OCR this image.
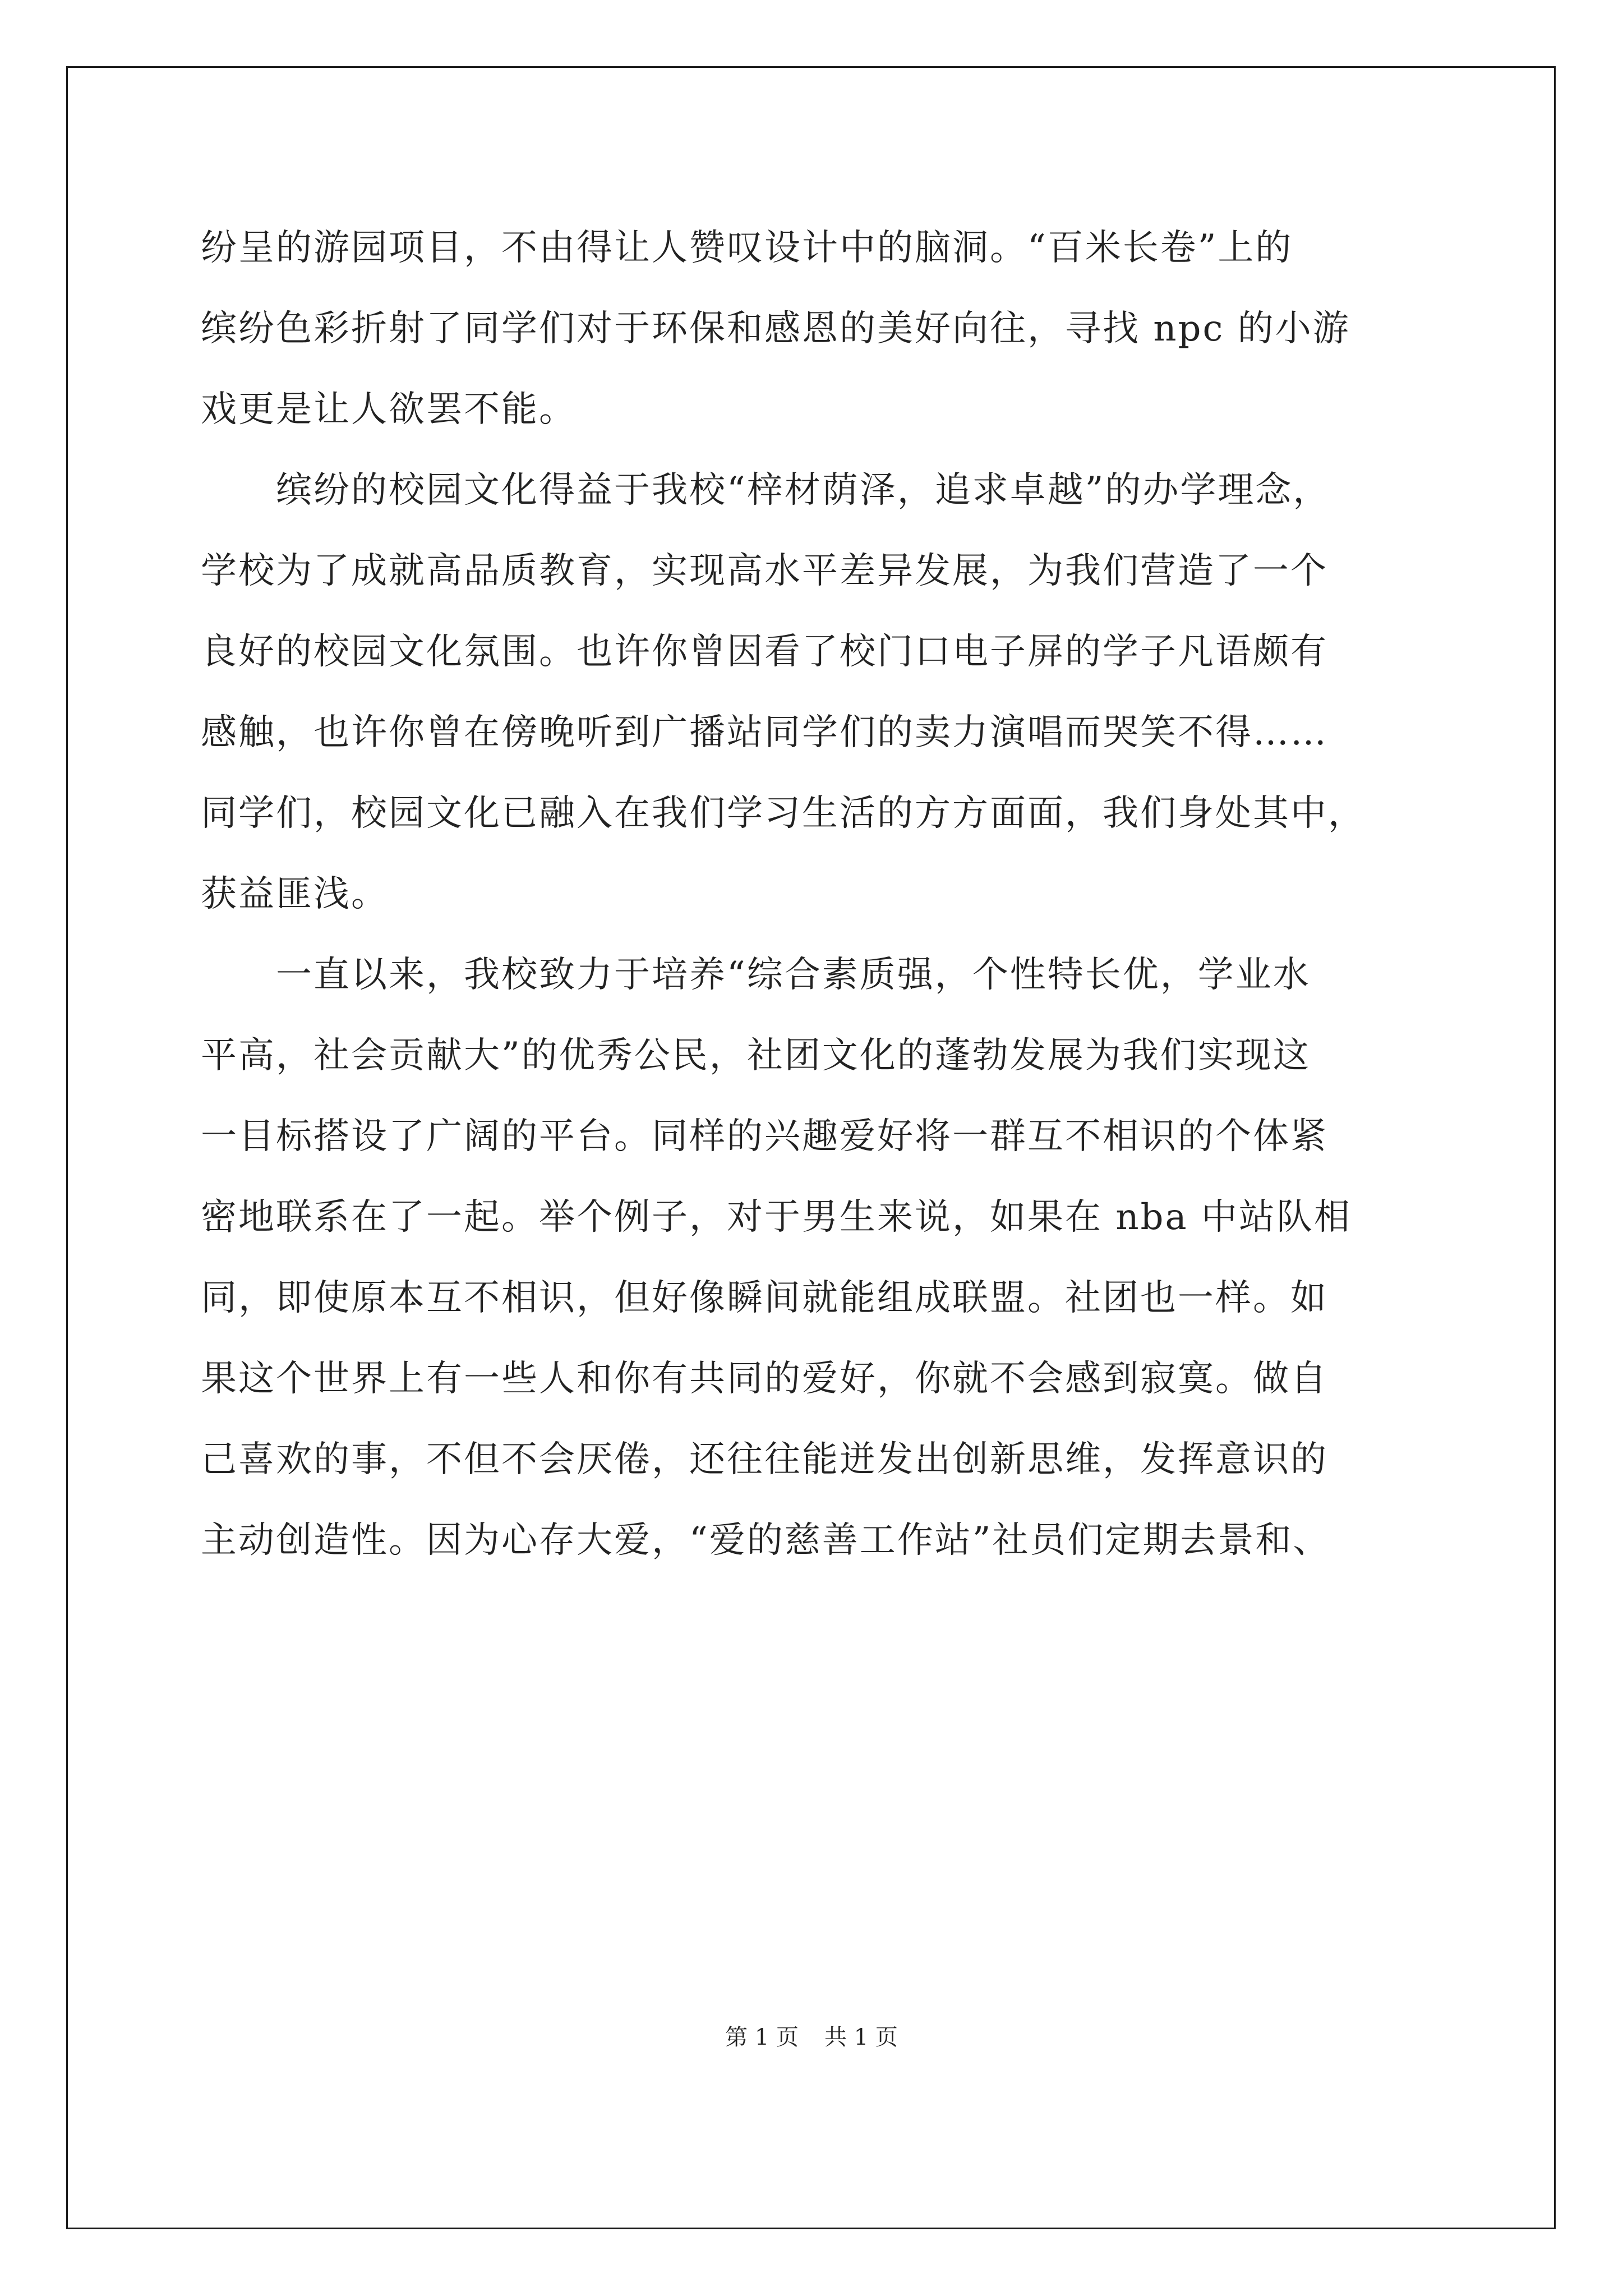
纷呈的游园项目，不由得让人赞叹设计中的脑洞。“百米长卷”上的
缤纷色彩折射了同学们对于环保和感恩的美好向往，寻找 npc 的小游
戏更是让人欲罢不能。
　　缤纷的校园文化得益于我校“梓材荫泽，追求卓越”的办学理念，
学校为了成就高品质教育，实现高水平差异发展，为我们营造了一个
良好的校园文化氛围。也许你曾因看了校门口电子屏的学子凡语颇有
感触，也许你曾在傍晚听到广播站同学们的卖力演唱而哭笑不得……
同学们，校园文化已融入在我们学习生活的方方面面，我们身处其中，
获益匪浅。
　　一直以来，我校致力于培养“综合素质强，个性特长优，学业水
平高，社会贡献大”的优秀公民，社团文化的蓬勃发展为我们实现这
一目标搭设了广阔的平台。同样的兴趣爱好将一群互不相识的个体紧
密地联系在了一起。举个例子，对于男生来说，如果在 nba 中站队相
同，即使原本互不相识，但好像瞬间就能组成联盟。社团也一样。如
果这个世界上有一些人和你有共同的爱好，你就不会感到寂寞。做自
己喜欢的事，不但不会厌倦，还往往能迸发出创新思维，发挥意识的
主动创造性。因为心存大爱，“爱的慈善工作站”社员们定期去景和、
第 1 页 共 1 页
